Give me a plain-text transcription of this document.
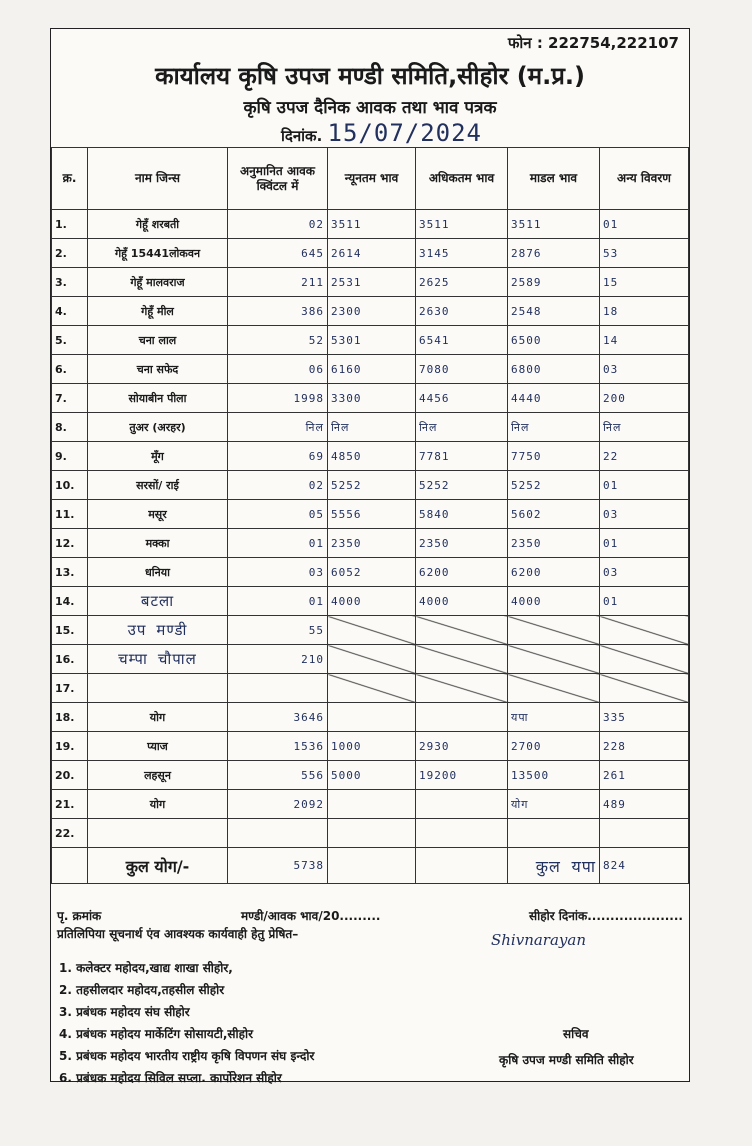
फोन : 222754,222107
कार्यालय कृषि उपज मण्डी समिति,सीहोर (म.प्र.)
कृषि उपज दैनिक आवक तथा भाव पत्रक
दिनांक. 15/07/2024
क्र.	नाम जिन्स	अनुमानित आवक क्विंटल में	न्यूनतम भाव	अधिकतम भाव	माडल भाव	अन्य विवरण
1.	गेहूँ शरबती	02	3511	3511	3511	01
2.	गेहूँ 15441लोकवन	645	2614	3145	2876	53
3.	गेहूँ मालवराज	211	2531	2625	2589	15
4.	गेहूँ मील	386	2300	2630	2548	18
5.	चना लाल	52	5301	6541	6500	14
6.	चना सफेद	06	6160	7080	6800	03
7.	सोयाबीन पीला	1998	3300	4456	4440	200
8.	तुअर (अरहर)	निल	निल	निल	निल	निल
9.	मूँग	69	4850	7781	7750	22
10.	सरसों/ राई	02	5252	5252	5252	01
11.	मसूर	05	5556	5840	5602	03
12.	मक्का	01	2350	2350	2350	01
13.	धनिया	03	6052	6200	6200	03
14.	बटला	01	4000	4000	4000	01
15.	उप मण्डी	55				
16.	चम्पा चौपाल	210				
17.						
18.	योग	3646			यपा	335
19.	प्याज	1536	1000	2930	2700	228
20.	लहसून	556	5000	19200	13500	261
21.	योग	2092			योग	489
22.						
	कुल योग/-	5738			कुल यपा	824
पृ. क्रमांक	मण्डी/आवक भाव/20.........	सीहोर दिनांक.....................
प्रतिलिपिया सूचनार्थ एंव आवश्यक कार्यवाही हेतु प्रेषित–	Shivnarayan
1. कलेक्टर महोदय,खाद्य शाखा सीहोर,
2. तहसीलदार महोदय,तहसील सीहोर
3. प्रबंधक महोदय संघ सीहोर
4. प्रबंधक महोदय मार्केटिंग सोसायटी,सीहोर
5. प्रबंधक महोदय भारतीय राष्ट्रीय कृषि विपणन संघ इन्दोर
6. प्रबंधक महोदय सिविल सप्ला. कार्पोरेशन सीहोर
सचिव
कृषि उपज मण्डी समिति सीहोर
